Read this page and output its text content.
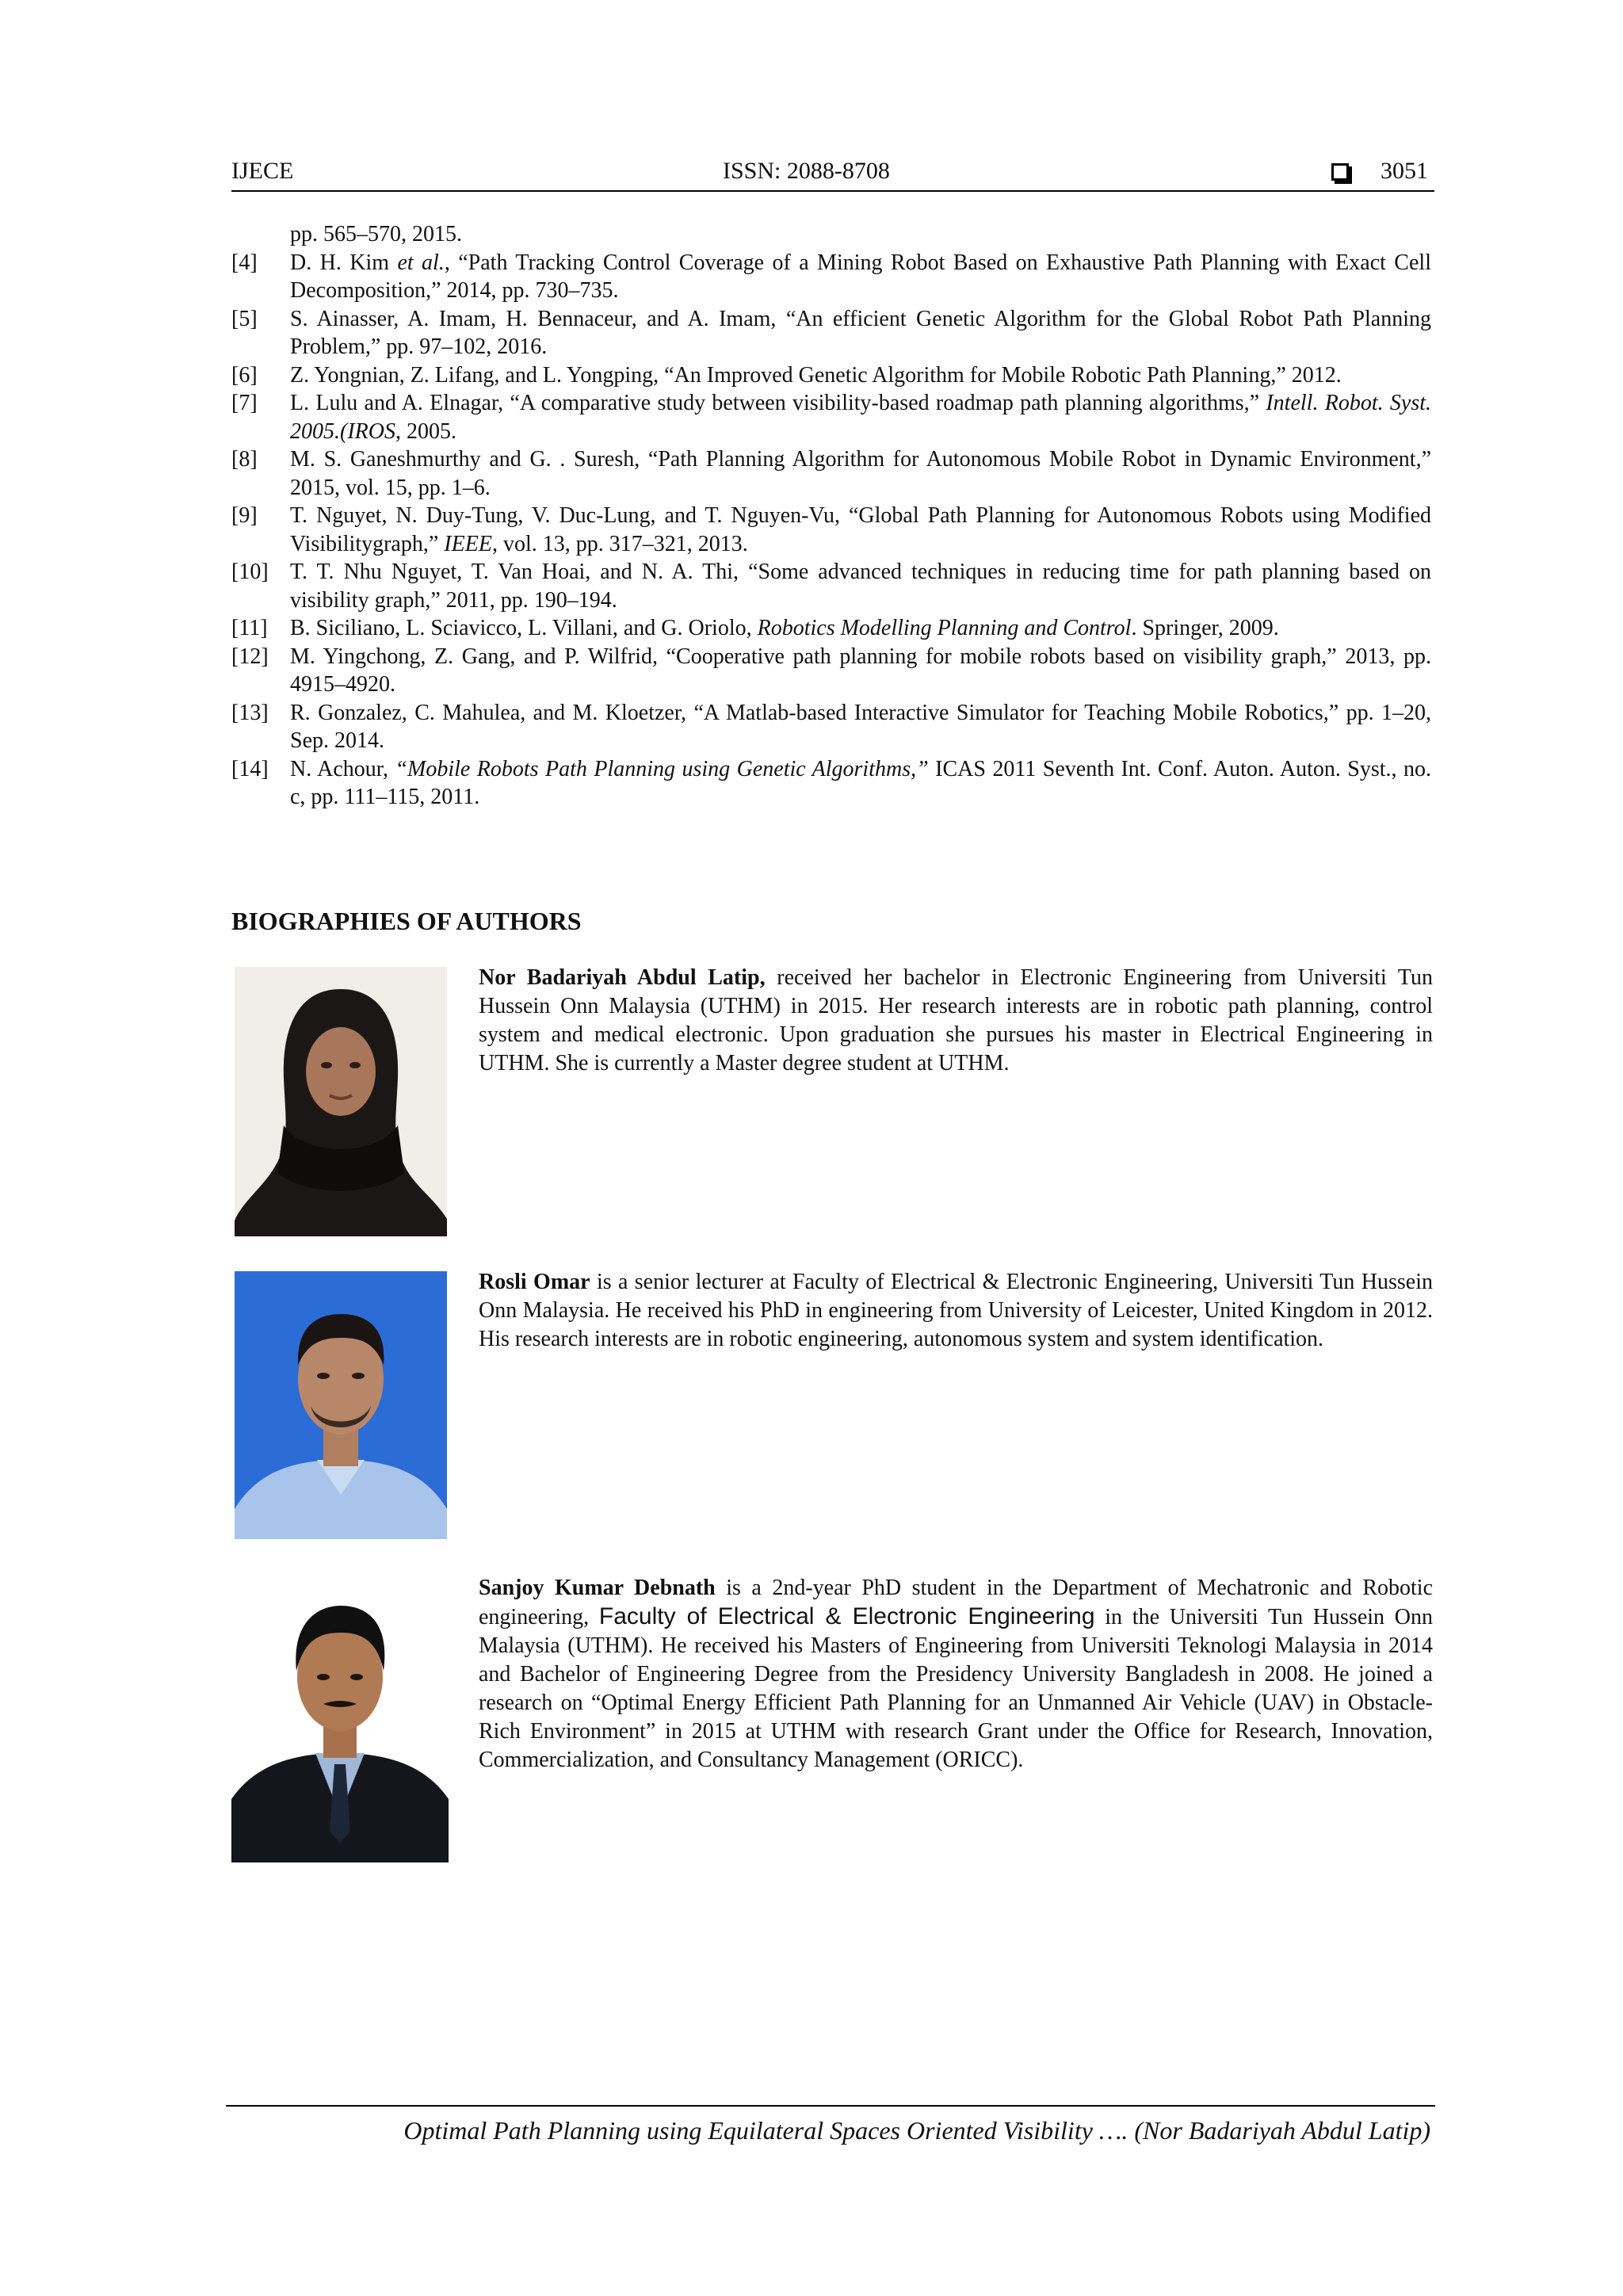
IJECE	ISSN: 2088-8708	3051
pp. 565–570, 2015.
[4]	D. H. Kim et al., “Path Tracking Control Coverage of a Mining Robot Based on Exhaustive Path Planning with Exact Cell Decomposition,” 2014, pp. 730–735.
[5]	S. Ainasser, A. Imam, H. Bennaceur, and A. Imam, “An efficient Genetic Algorithm for the Global Robot Path Planning Problem,” pp. 97–102, 2016.
[6]	Z. Yongnian, Z. Lifang, and L. Yongping, “An Improved Genetic Algorithm for Mobile Robotic Path Planning,” 2012.
[7]	L. Lulu and A. Elnagar, “A comparative study between visibility-based roadmap path planning algorithms,” Intell. Robot. Syst. 2005.(IROS, 2005.
[8]	M. S. Ganeshmurthy and G. . Suresh, “Path Planning Algorithm for Autonomous Mobile Robot in Dynamic Environment,” 2015, vol. 15, pp. 1–6.
[9]	T. Nguyet, N. Duy-Tung, V. Duc-Lung, and T. Nguyen-Vu, “Global Path Planning for Autonomous Robots using Modified Visibilitygraph,” IEEE, vol. 13, pp. 317–321, 2013.
[10] T. T. Nhu Nguyet, T. Van Hoai, and N. A. Thi, “Some advanced techniques in reducing time for path planning based on visibility graph,” 2011, pp. 190–194.
[11]	B. Siciliano, L. Sciavicco, L. Villani, and G. Oriolo, Robotics Modelling Planning and Control. Springer, 2009.
[12] M. Yingchong, Z. Gang, and P. Wilfrid, “Cooperative path planning for mobile robots based on visibility graph,” 2013, pp. 4915–4920.
[13] R. Gonzalez, C. Mahulea, and M. Kloetzer, “A Matlab-based Interactive Simulator for Teaching Mobile Robotics,” pp. 1–20, Sep. 2014.
[14] N. Achour, “Mobile Robots Path Planning using Genetic Algorithms,” ICAS 2011 Seventh Int. Conf. Auton. Auton. Syst., no. c, pp. 111–115, 2011.
BIOGRAPHIES OF AUTHORS
Nor Badariyah Abdul Latip, received her bachelor in Electronic Engineering from Universiti Tun Hussein Onn Malaysia (UTHM) in 2015. Her research interests are in robotic path planning, control system and medical electronic. Upon graduation she pursues his master in Electrical Engineering in UTHM. She is currently a Master degree student at UTHM.
Rosli Omar is a senior lecturer at Faculty of Electrical & Electronic Engineering, Universiti Tun Hussein Onn Malaysia. He received his PhD in engineering from University of Leicester, United Kingdom in 2012. His research interests are in robotic engineering, autonomous system and system identification.
Sanjoy Kumar Debnath is a 2nd-year PhD student in the Department of Mechatronic and Robotic engineering, Faculty of Electrical & Electronic Engineering in the Universiti Tun Hussein Onn Malaysia (UTHM). He received his Masters of Engineering from Universiti Teknologi Malaysia in 2014 and Bachelor of Engineering Degree from the Presidency University Bangladesh in 2008. He joined a research on “Optimal Energy Efficient Path Planning for an Unmanned Air Vehicle (UAV) in Obstacle-Rich Environment” in 2015 at UTHM with research Grant under the Office for Research, Innovation, Commercialization, and Consultancy Management (ORICC).
Optimal Path Planning using Equilateral Spaces Oriented Visibility …. (Nor Badariyah Abdul Latip)
